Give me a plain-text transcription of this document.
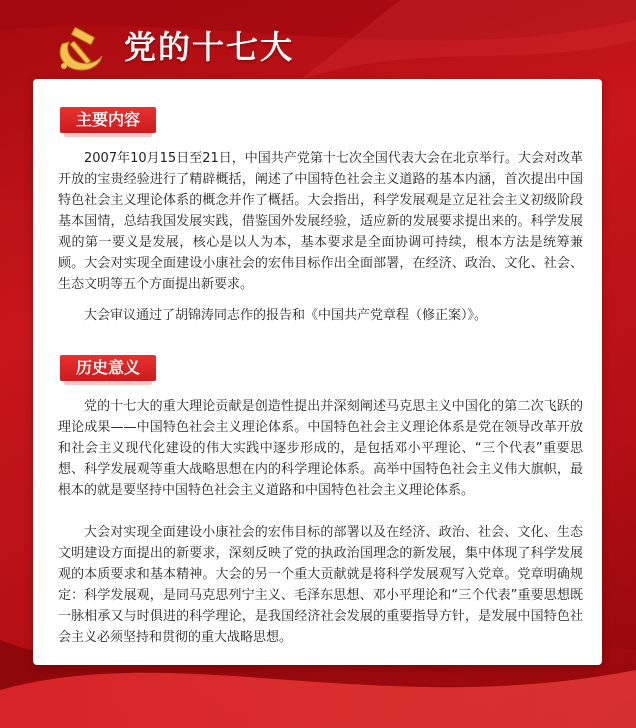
党的十七大
主要内容

2007年10月15日至21日，中国共产党第十七次全国代表大会在北京举行。大会对改革开放的宝贵经验进行了精辟概括，阐述了中国特色社会主义道路的基本内涵，首次提出中国特色社会主义理论体系的概念并作了概括。大会指出，科学发展观是立足社会主义初级阶段基本国情，总结我国发展实践，借鉴国外发展经验，适应新的发展要求提出来的。科学发展观的第一要义是发展，核心是以人为本，基本要求是全面协调可持续，根本方法是统筹兼顾。大会对实现全面建设小康社会的宏伟目标作出全面部署，在经济、政治、文化、社会、生态文明等五个方面提出新要求。

大会审议通过了胡锦涛同志作的报告和《中国共产党章程（修正案）》。

历史意义

党的十七大的重大理论贡献是创造性提出并深刻阐述马克思主义中国化的第二次飞跃的理论成果——中国特色社会主义理论体系。中国特色社会主义理论体系是党在领导改革开放和社会主义现代化建设的伟大实践中逐步形成的，是包括邓小平理论、“三个代表”重要思想、科学发展观等重大战略思想在内的科学理论体系。高举中国特色社会主义伟大旗帜，最根本的就是要坚持中国特色社会主义道路和中国特色社会主义理论体系。

大会对实现全面建设小康社会的宏伟目标的部署以及在经济、政治、社会、文化、生态文明建设方面提出的新要求，深刻反映了党的执政治国理念的新发展，集中体现了科学发展观的本质要求和基本精神。大会的另一个重大贡献就是将科学发展观写入党章。党章明确规定：科学发展观，是同马克思列宁主义、毛泽东思想、邓小平理论和“三个代表”重要思想既一脉相承又与时俱进的科学理论，是我国经济社会发展的重要指导方针，是发展中国特色社会主义必须坚持和贯彻的重大战略思想。
